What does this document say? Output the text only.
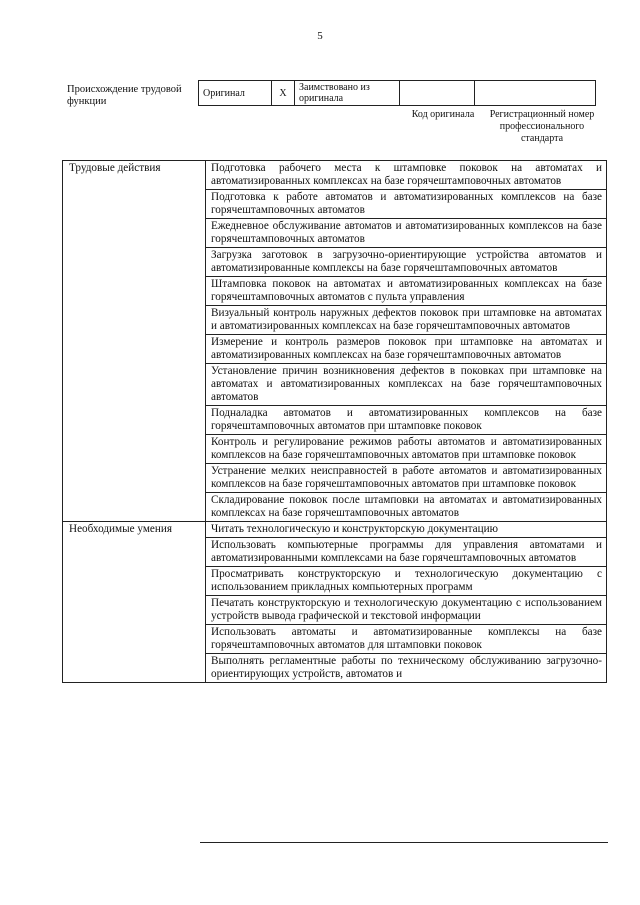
5
Происхождение трудовой функции
Оригинал	X	Заимствовано из оригинала		
Код оригинала	Регистрационный номер профессионального стандарта
Трудовые действия	Подготовка рабочего места к штамповке поковок на автоматах и автоматизированных комплексах на базе горячештамповочных автоматов
	Подготовка к работе автоматов и автоматизированных комплексов на базе горячештамповочных автоматов
	Ежедневное обслуживание автоматов и автоматизированных комплексов на базе горячештамповочных автоматов
	Загрузка заготовок в загрузочно-ориентирующие устройства автоматов и автоматизированные комплексы на базе горячештамповочных автоматов
	Штамповка поковок на автоматах и автоматизированных комплексах на базе горячештамповочных автоматов с пульта управления
	Визуальный контроль наружных дефектов поковок при штамповке на автоматах и автоматизированных комплексах на базе горячештамповочных автоматов
	Измерение и контроль размеров поковок при штамповке на автоматах и автоматизированных комплексах на базе горячештамповочных автоматов
	Установление причин возникновения дефектов в поковках при штамповке на автоматах и автоматизированных комплексах на базе горячештамповочных автоматов
	Подналадка автоматов и автоматизированных комплексов на базе горячештамповочных автоматов при штамповке поковок
	Контроль и регулирование режимов работы автоматов и автоматизированных комплексов на базе горячештамповочных автоматов при штамповке поковок
	Устранение мелких неисправностей в работе автоматов и автоматизированных комплексов на базе горячештамповочных автоматов при штамповке поковок
	Складирование поковок после штамповки на автоматах и автоматизированных комплексах на базе горячештамповочных автоматов
Необходимые умения	Читать технологическую и конструкторскую документацию
	Использовать компьютерные программы для управления автоматами и автоматизированными комплексами на базе горячештамповочных автоматов
	Просматривать конструкторскую и технологическую документацию с использованием прикладных компьютерных программ
	Печатать конструкторскую и технологическую документацию с использованием устройств вывода графической и текстовой информации
	Использовать автоматы и автоматизированные комплексы на базе горячештамповочных автоматов для штамповки поковок
	Выполнять регламентные работы по техническому обслуживанию загрузочно-ориентирующих устройств, автоматов и
